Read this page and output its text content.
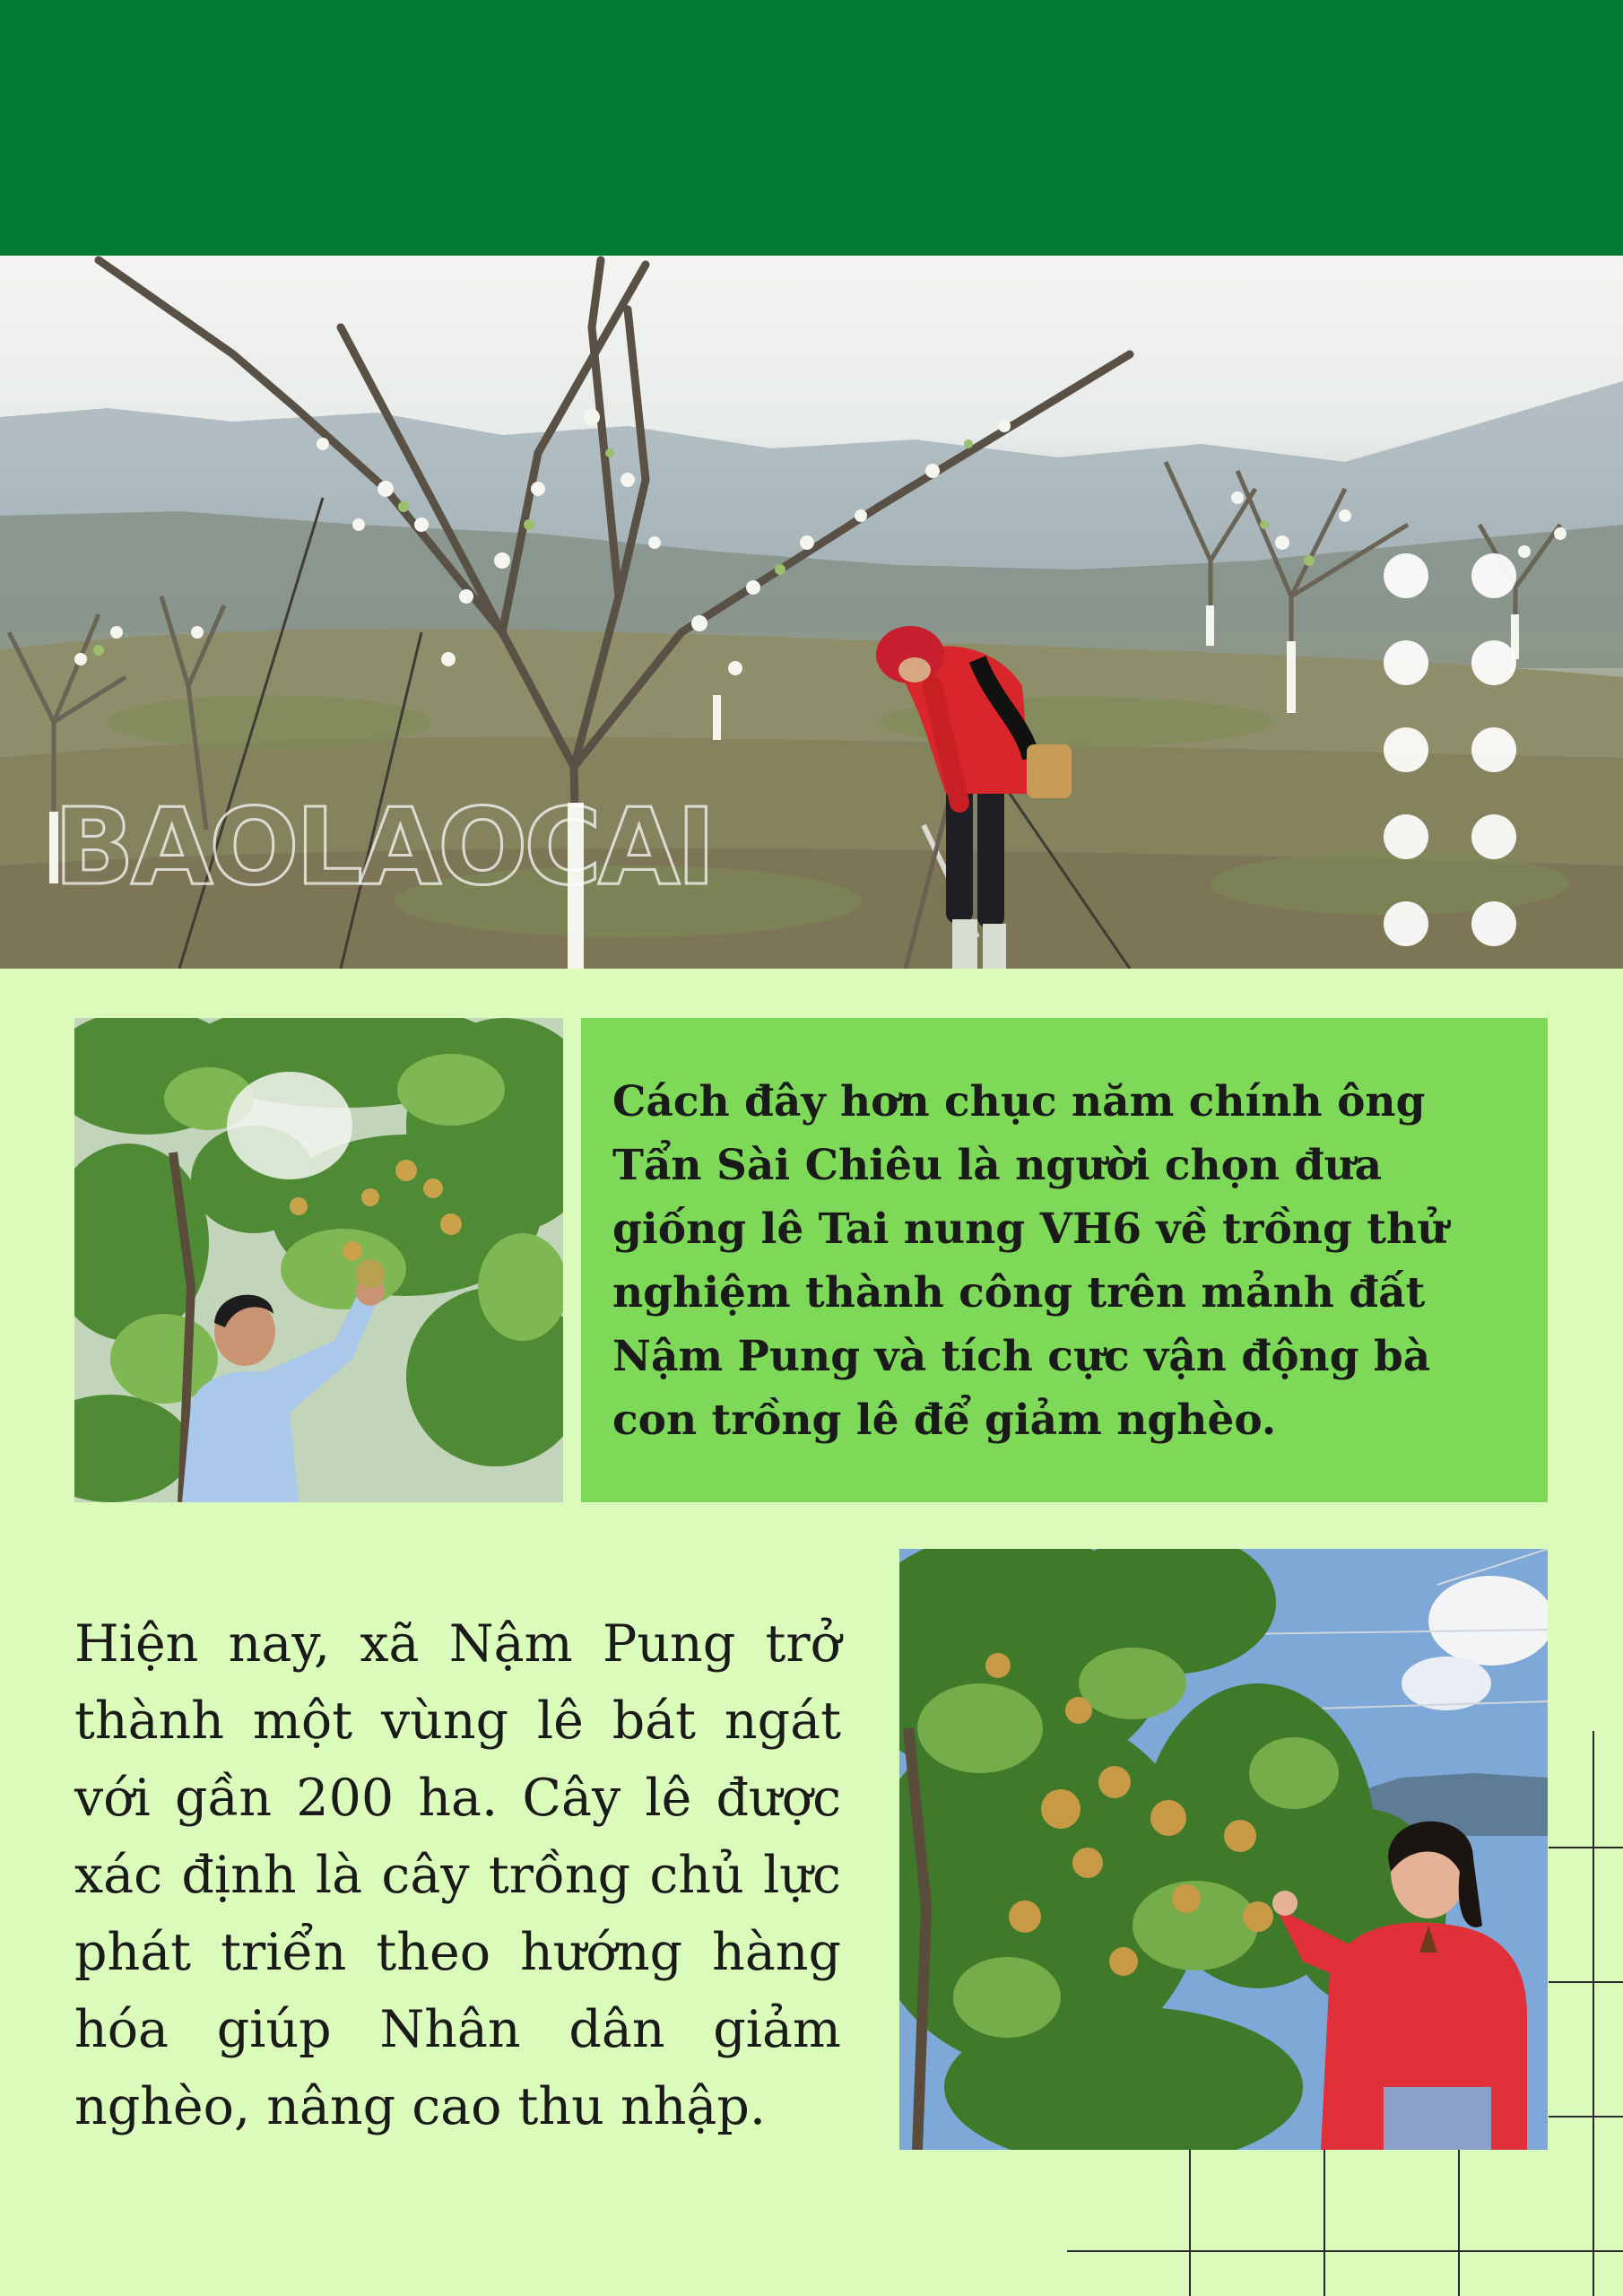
BAOLAOCAI

Cách đây hơn chục năm chính ông Tẩn Sài Chiêu là người chọn đưa giống lê Tai nung VH6 về trồng thử nghiệm thành công trên mảnh đất Nậm Pung và tích cực vận động bà con trồng lê để giảm nghèo.

Hiện nay, xã Nậm Pung trở thành một vùng lê bát ngát với gần 200 ha. Cây lê được xác định là cây trồng chủ lực phát triển theo hướng hàng hóa giúp Nhân dân giảm nghèo, nâng cao thu nhập.
